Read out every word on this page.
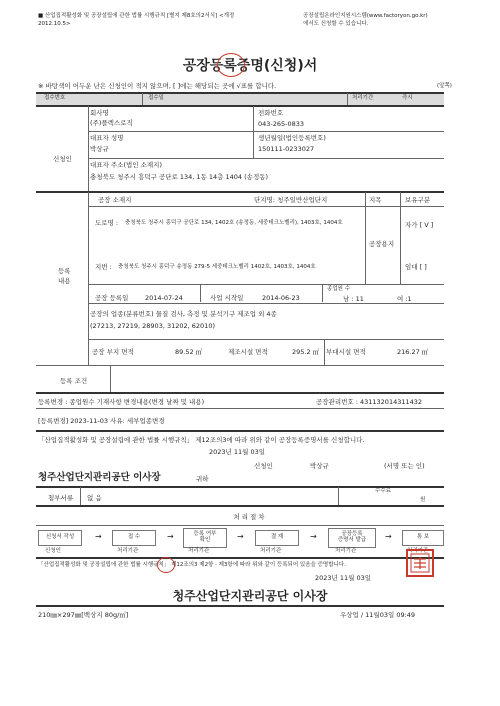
■ 산업집적활성화 및 공장설립에 관한 법률 시행규칙 [별지 제8호의2서식] <개정
2012.10.5>
공장설립온라인지원시스템(www.factoryon.go.kr)
에서도 신청할 수 있습니다.
공장등록증명(신청)서
※ 바탕색이 어두운 난은 신청인이 적지 않으며, [ ]에는 해당되는 곳에 √표를 합니다.	(앞쪽)
접수번호	접수일	처리기간	즉시
신청인
회사명
(주)플렉스로직
전화번호
043-265-0833
대표자 성명
박상규
생년월일(법인등록번호)
150111-0233027
대표자 주소(법인 소재지)
충청북도 청주시 흥덕구 공단로 134, 1동 14층 1404 (송정동)
등록
내용
공장 소재지	단지명: 청주일반산업단지	지목	보유구분
도로명 : 충청북도 청주시 흥덕구 공단로 134, 1402호 (송정동, 세중테크노벨리), 1403호, 1404호
지번 : 충청북도 청주시 흥덕구 송정동 279-5 세중테크노벨리 1402호, 1403호, 1404호
공장용지
자가 [ V ]
임대 [ ]
공장 등록일	2014-07-24	사업 시작일	2014-06-23
종업원 수
남 : 11	여 :1
공장의 업종(분류번호) 물질 검사, 측정 및 분석기구 제조업 외 4종
(27213, 27219, 28903, 31202, 62010)
공장 부지 면적	89.52 ㎡	제조시설 면적	295.2 ㎡ 부대시설 면적	216.27 ㎡
등록 조건
등록변경 : 종업원수 기재사항 변경내용(변경 날짜 및 내용)	공장관리번호 : 431132014311432
[등록변경] 2023-11-03 사유: 세부업종변경
「산업집적활성화 및 공장설립에 관한 법률 시행규칙」 제12조의3에 따라 위와 같이 공장등록증명서를 신청합니다.
2023년 11월 03일
신청인	박상규	(서명 또는 인)
청주산업단지관리공단 이사장	귀하
첨부서류 없 음
수수료
원
처리절차
신청서 작성	→	접 수	→	등록 여부
확인	→	결 재	→	공장등록
증명서 발급	→	통 보
신청인	처리기관	처리기관	처리기관	처리기관	처리기관
「산업집적활성화 및 공장설립에 관한 법률 시행규칙」 제12조의3 제2항 · 제3항에 따라 위와 같이 등록되어 있음을 증명합니다.
2023년 11월 03일
청주산업단지관리공단 이사장
210㎜×297㎜[백상지 80g/㎡]	우상업 / 11월03일 09:49
